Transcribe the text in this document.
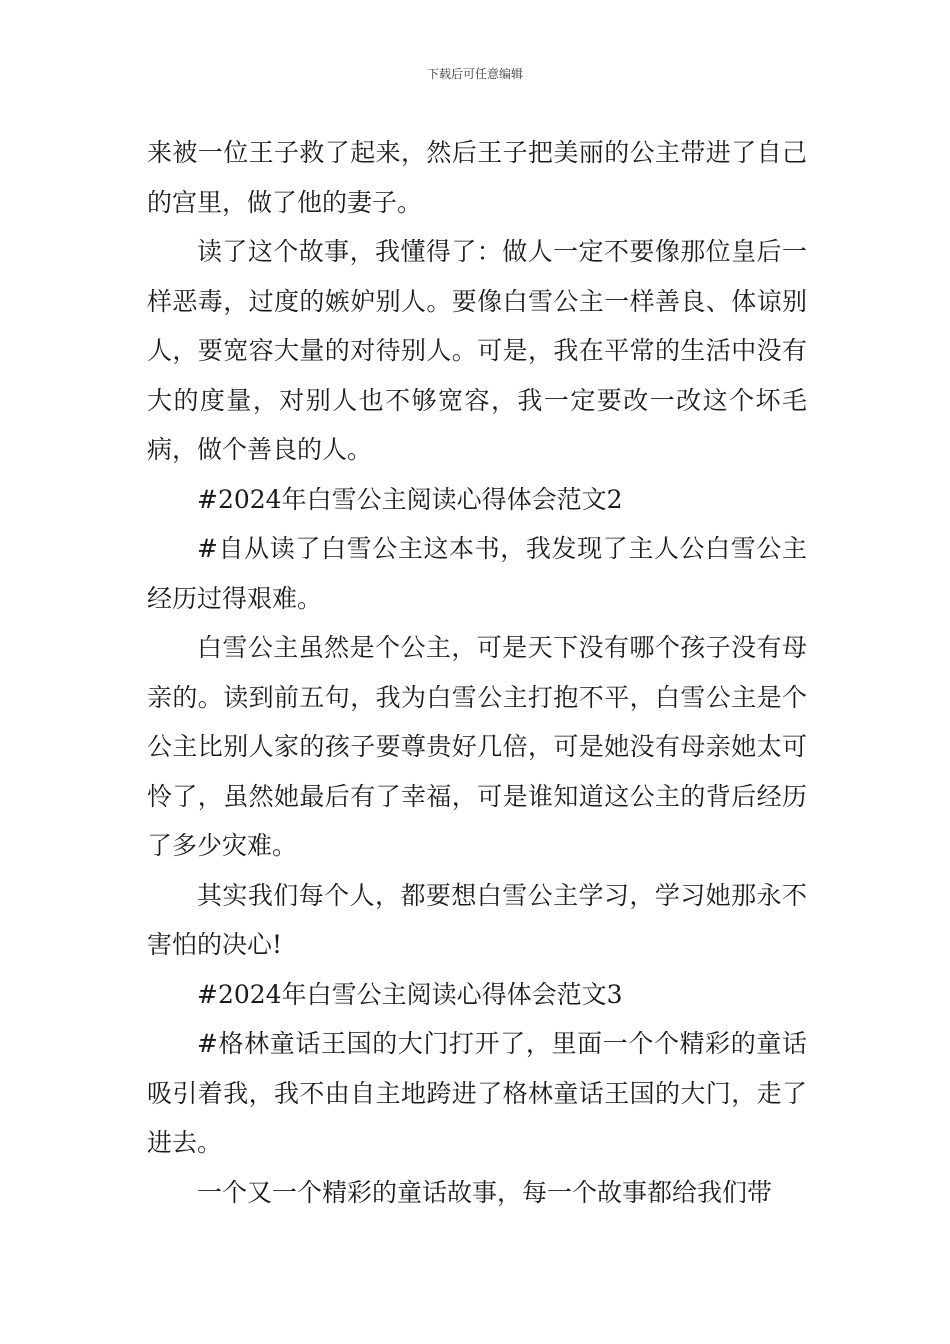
下载后可任意编辑

来被一位王子救了起来，然后王子把美丽的公主带进了自己的宫里，做了他的妻子。

读了这个故事，我懂得了：做人一定不要像那位皇后一样恶毒，过度的嫉妒别人。要像白雪公主一样善良、体谅别人，要宽容大量的对待别人。可是，我在平常的生活中没有大的度量，对别人也不够宽容，我一定要改一改这个坏毛病，做个善良的人。

#2024年白雪公主阅读心得体会范文2

#自从读了白雪公主这本书，我发现了主人公白雪公主经历过得艰难。

白雪公主虽然是个公主，可是天下没有哪个孩子没有母亲的。读到前五句，我为白雪公主打抱不平，白雪公主是个公主比别人家的孩子要尊贵好几倍，可是她没有母亲她太可怜了，虽然她最后有了幸福，可是谁知道这公主的背后经历了多少灾难。

其实我们每个人，都要想白雪公主学习，学习她那永不害怕的决心!

#2024年白雪公主阅读心得体会范文3

#格林童话王国的大门打开了，里面一个个精彩的童话吸引着我，我不由自主地跨进了格林童话王国的大门，走了进去。

一个又一个精彩的童话故事，每一个故事都给我们带
